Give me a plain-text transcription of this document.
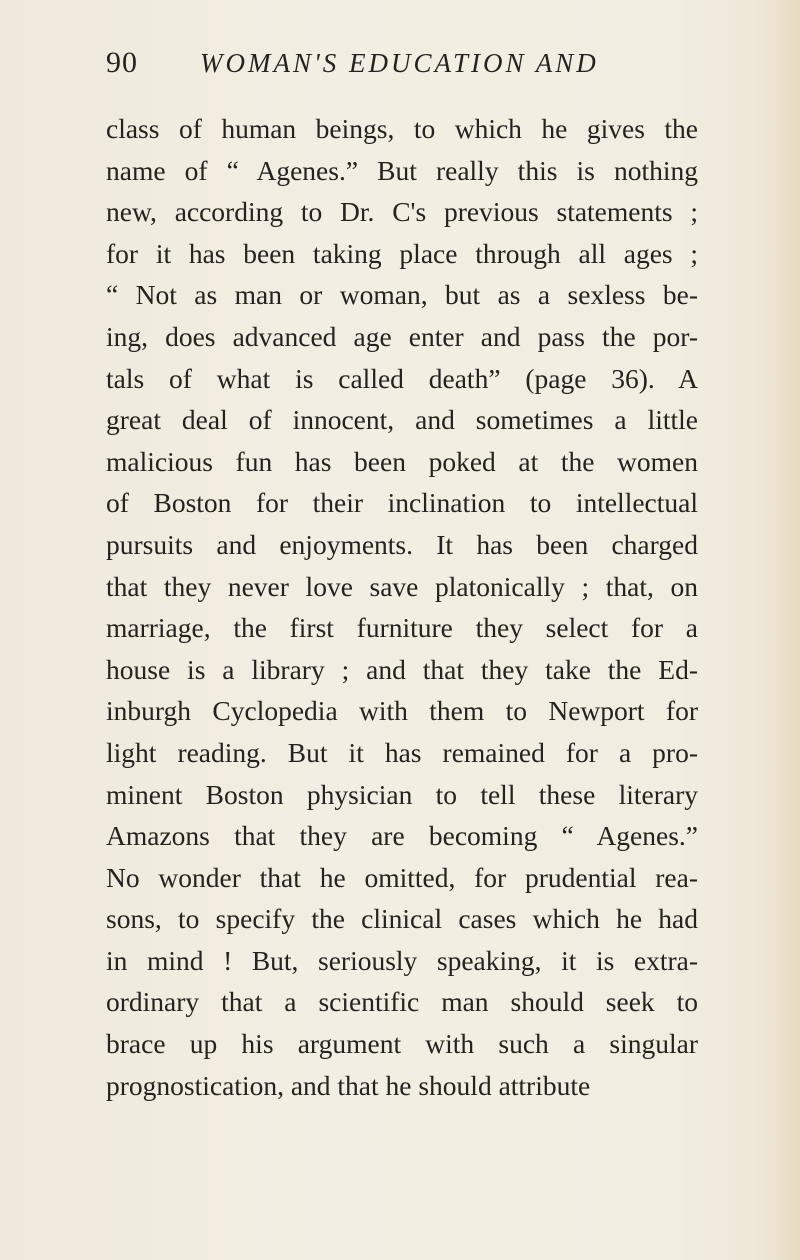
90 WOMAN'S EDUCATION AND
class of human beings, to which he gives the
name of “ Agenes.” But really this is nothing
new, according to Dr. C's previous statements ;
for it has been taking place through all ages ;
“ Not as man or woman, but as a sexless be-
ing, does advanced age enter and pass the por-
tals of what is called death” (page 36). A
great deal of innocent, and sometimes a little
malicious fun has been poked at the women
of Boston for their inclination to intellectual
pursuits and enjoyments. It has been charged
that they never love save platonically ; that, on
marriage, the first furniture they select for a
house is a library ; and that they take the Ed-
inburgh Cyclopedia with them to Newport for
light reading. But it has remained for a pro-
minent Boston physician to tell these literary
Amazons that they are becoming “ Agenes.”
No wonder that he omitted, for prudential rea-
sons, to specify the clinical cases which he had
in mind ! But, seriously speaking, it is extra-
ordinary that a scientific man should seek to
brace up his argument with such a singular
prognostication, and that he should attribute
